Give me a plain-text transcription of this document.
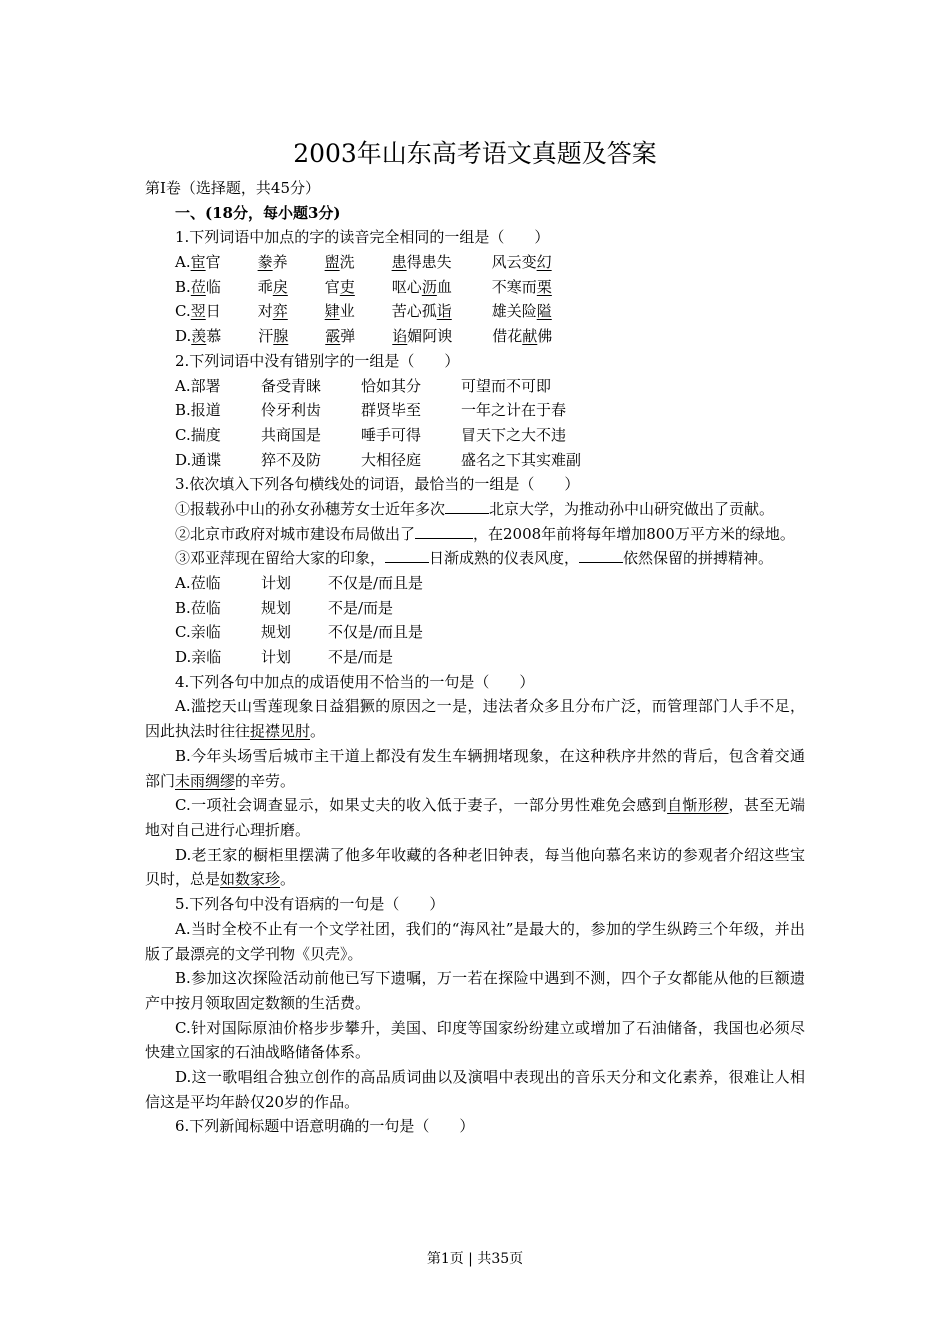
2003年山东高考语文真题及答案
第Ⅰ卷（选择题，共45分）
一、(18分，每小题3分)
1.下列词语中加点的字的读音完全相同的一组是（　　）
A.宦官 豢养 盥洗 患得患失	风云变幻
B.莅临 乖戾 官吏 呕心沥血	不寒而栗
C.翌日 对弈 肄业 苦心孤诣	雄关险隘
D.羡慕 汗腺 霰弹 谄媚阿谀	借花献佛
2.下列词语中没有错别字的一组是（　　）
A.部署	备受青睐	恰如其分	可望而不可即
B.报道	伶牙利齿	群贤毕至	一年之计在于春
C.揣度	共商国是	唾手可得	冒天下之大不违
D.通谍	猝不及防	大相径庭	盛名之下其实难副
3.依次填入下列各句横线处的词语，最恰当的一组是（　　）
①报载孙中山的孙女孙穗芳女士近年多次	北京大学，为推动孙中山研究做出了贡献。
②北京市政府对城市建设布局做出了	，在2008年前将每年增加800万平方米的绿地。
③邓亚萍现在留给大家的印象，	日渐成熟的仪表风度，	依然保留的拼搏精神。
A.莅临	计划 不仅是/而且是
B.莅临	规划 不是/而是
C.亲临	规划 不仅是/而且是
D.亲临	计划 不是/而是
4.下列各句中加点的成语使用不恰当的一句是（　　）
A.滥挖天山雪莲现象日益猖獗的原因之一是，违法者众多且分布广泛，而管理部门人手不足，因此执法时往往捉襟见肘。
B.今年头场雪后城市主干道上都没有发生车辆拥堵现象，在这种秩序井然的背后，包含着交通部门未雨绸缪的辛劳。
C.一项社会调查显示，如果丈夫的收入低于妻子，一部分男性难免会感到自惭形秽，甚至无端地对自己进行心理折磨。
D.老王家的橱柜里摆满了他多年收藏的各种老旧钟表，每当他向慕名来访的参观者介绍这些宝贝时，总是如数家珍。
5.下列各句中没有语病的一句是（　　）
A.当时全校不止有一个文学社团，我们的“海风社”是最大的，参加的学生纵跨三个年级，并出版了最漂亮的文学刊物《贝壳》。
B.参加这次探险活动前他已写下遗嘱，万一若在探险中遇到不测，四个子女都能从他的巨额遗产中按月领取固定数额的生活费。
C.针对国际原油价格步步攀升，美国、印度等国家纷纷建立或增加了石油储备，我国也必须尽快建立国家的石油战略储备体系。
D.这一歌唱组合独立创作的高品质词曲以及演唱中表现出的音乐天分和文化素养，很难让人相信这是平均年龄仅20岁的作品。
6.下列新闻标题中语意明确的一句是（　　）
第1页 | 共35页
